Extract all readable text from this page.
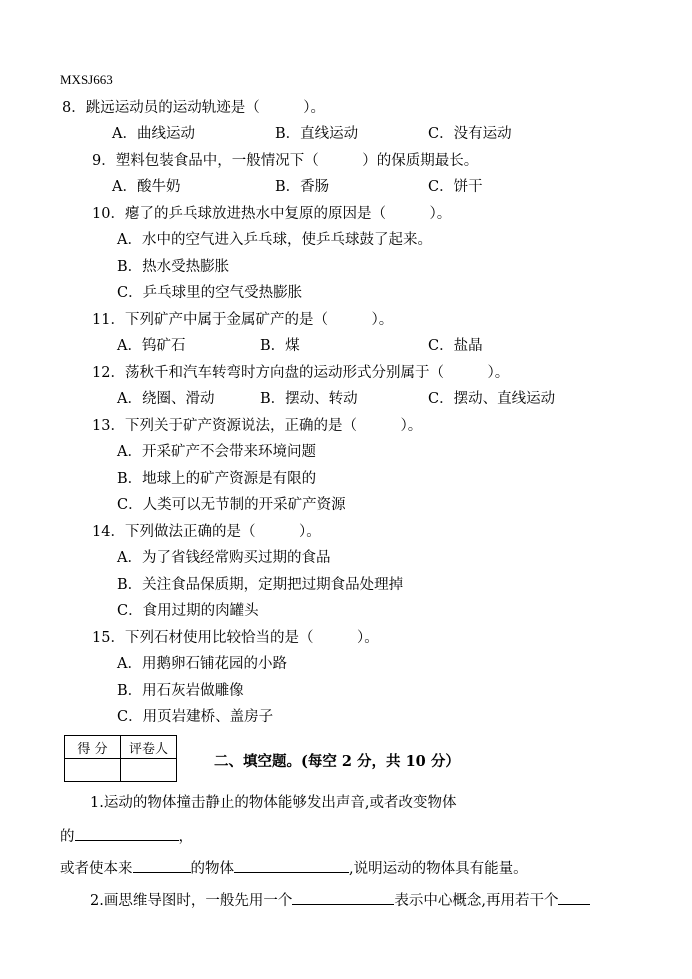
MXSJ663
8．跳远运动员的运动轨迹是（　　　）。
A．曲线运动	B．直线运动	C．没有运动
9．塑料包装食品中，一般情况下（　　　）的保质期最长。
A．酸牛奶	B．香肠	C．饼干
10．瘪了的乒乓球放进热水中复原的原因是（　　　）。
A．水中的空气进入乒乓球，使乒乓球鼓了起来。
B．热水受热膨胀
C．乒乓球里的空气受热膨胀
11．下列矿产中属于金属矿产的是（　　　）。
A．钨矿石	B．煤	C．盐晶
12．荡秋千和汽车转弯时方向盘的运动形式分别属于（　　　）。
A．绕圈、滑动	B．摆动、转动	C．摆动、直线运动
13．下列关于矿产资源说法，正确的是（　　　）。
A．开采矿产不会带来环境问题
B．地球上的矿产资源是有限的
C．人类可以无节制的开采矿产资源
14．下列做法正确的是（　　　）。
A．为了省钱经常购买过期的食品
B．关注食品保质期，定期把过期食品处理掉
C．食用过期的肉罐头
15．下列石材使用比较恰当的是（　　　）。
A．用鹅卵石铺花园的小路
B．用石灰岩做雕像
C．用页岩建桥、盖房子
得 分	评卷人

二、填空题。(每空 2 分，共 10 分）
1.运动的物体撞击静止的物体能够发出声音,或者改变物体
的	，
或者使本来	的物体	,说明运动的物体具有能量。
2.画思维导图时，一般先用一个	表示中心概念,再用若干个
